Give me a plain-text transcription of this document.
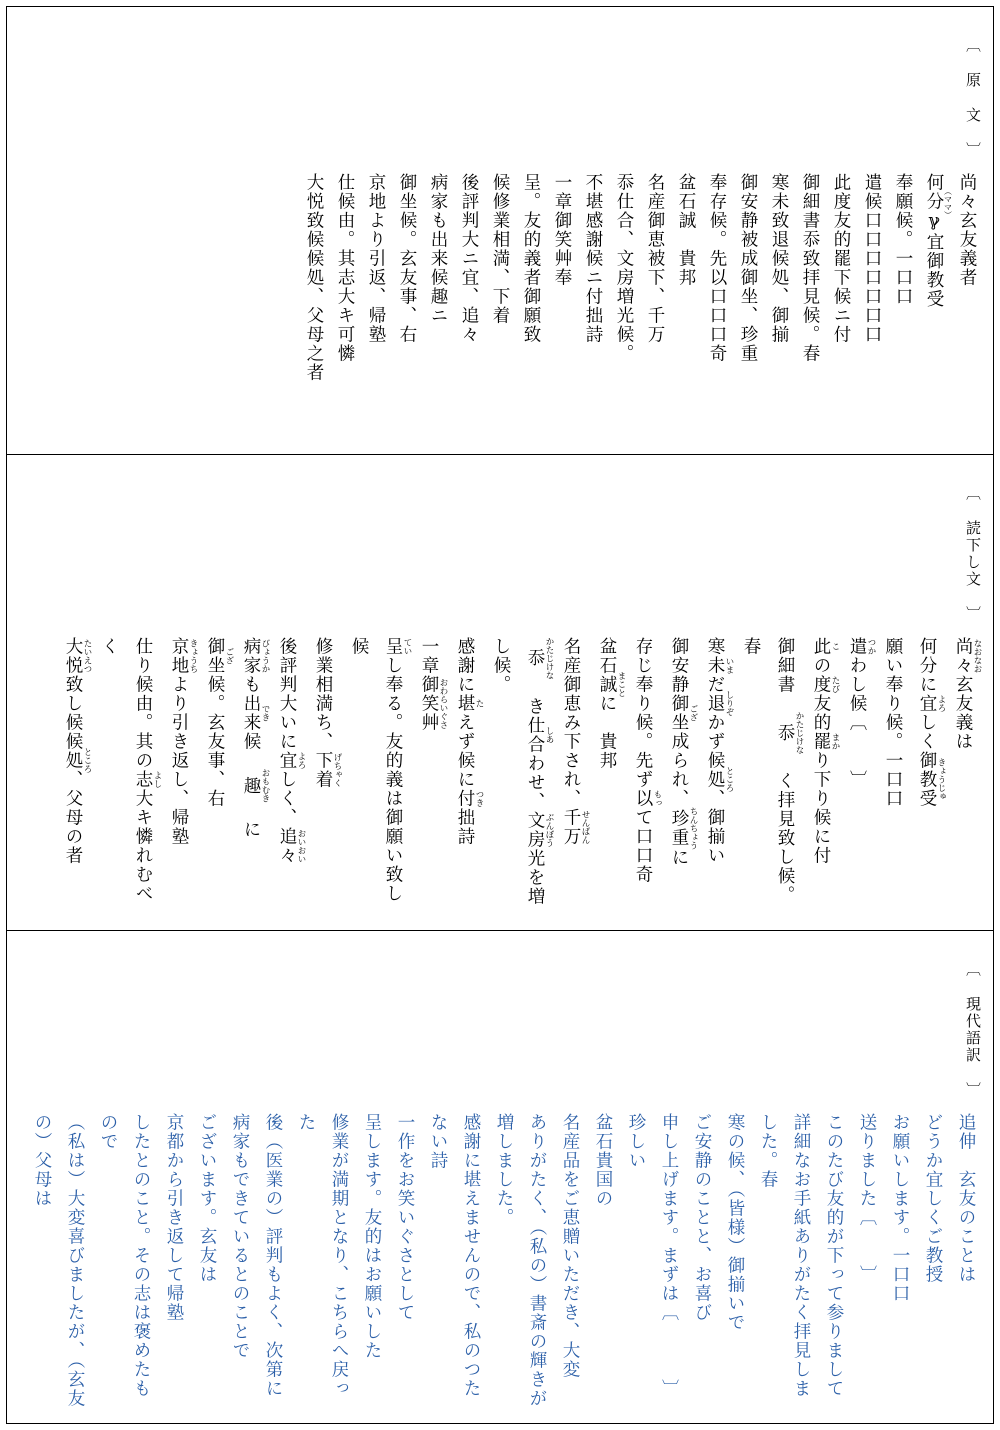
〔 原 文 〕
尚々玄友義者
何分ℽ（ママ）宜御教受
奉願候。一口口
遣候口口口口口口口
此度友的罷下候ニ付
御細書忝致拝見候。春
寒未致退候処、御揃
御安静被成御坐、珍重
奉存候。先以口口口奇
盆石誠　貴邦
名産御恵被下、千万
忝仕合、文房増光候。
不堪感謝候ニ付拙詩
一章御笑艸奉
呈。友的義者御願致
候修業相満、下着
後評判大ニ宜、追々
病家も出来候趣ニ
御坐候。玄友事、右
京地より引返、帰塾
仕候由。其志大キ可憐
大悦致候候処、父母之者
〔 読下し文 〕
尚々 なおなお玄友義は
何分に宜 よろしく御教受 きょうじゅ
願い奉り候。一口口
遣 つかわし候〔　　〕
此 この度 たび友的罷 まかり下り候に付
御細書 忝 かたじけな く拝見致し候。春
寒未 いまだ退 しりぞかず候処 ところ、御揃い
御安静御坐 ござ成られ、珍重 ちんちょうに
存じ奉り候。先ず以 もって口口奇
盆石誠 まことに　貴邦
名産御恵み下され、千万 せんばん
忝 かたじけな き仕合 しあわせ、文房 ぶんぼう光を増し候。
感謝に堪 たえず候に付 つき拙詩
一章御笑艸 おわらいぐさ
呈 ていし奉る。友的義は御願い致し候
修業相満ち、下着 げちゃく
後評判大いに宜 よろしく、追々 おいおい
病家 びょうかも出来 でき候 趣 おもむき に
御坐 ござ候。玄友事、右
京地 きょうちより引き返し、帰塾
仕り候由。其の志 よし大キ憐れむべく
大悦 たいえつ致し候候処 ところ、父母の者
〔 現代語訳 〕
追伸　玄友のことは
どうか宜しくご教授
お願いします。一口口
送りました〔　　〕
このたび友的が下って参りまして
詳細なお手紙ありがたく拝見しました。春
寒の候、（皆様）御揃いで
ご安静のことと、お喜び
申し上げます。まずは〔　　　〕珍しい
盆石貴国の
名産品をご恵贈いただき、大変
ありがたく、（私の）書斎の輝きが増しました。
感謝に堪えませんので、私のつたない詩
一作をお笑いぐさとして
呈します。友的はお願いした
修業が満期となり、こちらへ戻った
後（医業の）評判もよく、次第に
病家もできているとのことで
ございます。玄友は
京都から引き返して帰塾
したとのこと。その志は褒めたもので
（私は）大変喜びましたが、（玄友の）父母は
